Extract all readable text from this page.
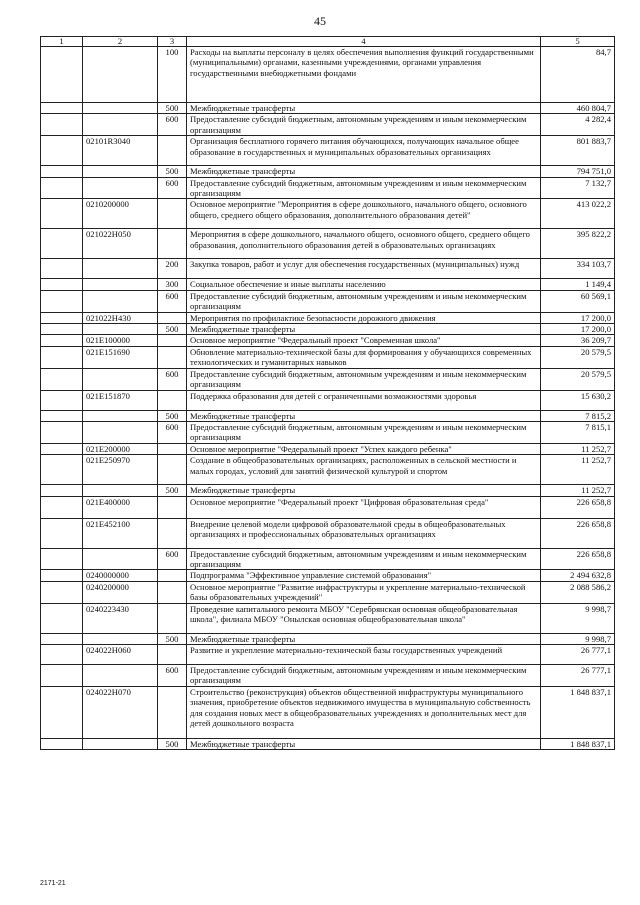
45
1	2	3	4	5
		100	Расходы на выплаты персоналу в целях обеспечения выполнения функций государственными (муниципальными) органами, казенными учреждениями, органами управления государственными внебюджетными фондами	84,7
		500	Межбюджетные трансферты	460 804,7
		600	Предоставление субсидий бюджетным, автономным учреждениям и иным некоммерческим организациям	4 282,4
	02101R3040		Организация бесплатного горячего питания обучающихся, получающих начальное общее образование в государственных и муниципальных образовательных организациях	801 883,7
		500	Межбюджетные трансферты	794 751,0
		600	Предоставление субсидий бюджетным, автономным учреждениям и иным некоммерческим организациям	7 132,7
	0210200000		Основное мероприятие "Мероприятия в сфере дошкольного, начального общего, основного общего, среднего общего образования, дополнительного образования детей"	413 022,2
	021022Н050		Мероприятия в сфере дошкольного, начального общего, основного общего, среднего общего образования, дополнительного образования детей в образовательных организациях	395 822,2
		200	Закупка товаров, работ и услуг для обеспечения государственных (муниципальных) нужд	334 103,7
		300	Социальное обеспечение и иные выплаты населению	1 149,4
		600	Предоставление субсидий бюджетным, автономным учреждениям и иным некоммерческим организациям	60 569,1
	021022Н430		Мероприятия по профилактике безопасности дорожного движения	17 200,0
		500	Межбюджетные трансферты	17 200,0
	021Е100000		Основное мероприятие "Федеральный проект "Современная школа"	36 209,7
	021Е151690		Обновление материально-технической базы для формирования у обучающихся современных технологических и гуманитарных навыков	20 579,5
		600	Предоставление субсидий бюджетным, автономным учреждениям и иным некоммерческим организациям	20 579,5
	021Е151870		Поддержка образования для детей с ограниченными возможностями здоровья	15 630,2
		500	Межбюджетные трансферты	7 815,2
		600	Предоставление субсидий бюджетным, автономным учреждениям и иным некоммерческим организациям	7 815,1
	021Е200000		Основное мероприятие "Федеральный проект "Успех каждого ребенка"	11 252,7
	021Е250970		Создание в общеобразовательных организациях, расположенных в сельской местности и малых городах, условий для занятий физической культурой и спортом	11 252,7
		500	Межбюджетные трансферты	11 252,7
	021Е400000		Основное мероприятие "Федеральный проект "Цифровая образовательная среда"	226 658,8
	021Е452100		Внедрение целевой модели цифровой образовательной среды в общеобразовательных организациях и профессиональных образовательных организациях	226 658,8
		600	Предоставление субсидий бюджетным, автономным учреждениям и иным некоммерческим организациям	226 658,8
	0240000000		Подпрограмма "Эффективное управление системой образования"	2 494 632,8
	0240200000		Основное мероприятие "Развитие инфраструктуры и укрепление материально-технической базы образовательных учреждений"	2 088 586,2
	0240223430		Проведение капитального ремонта МБОУ "Серебрянская основная общеобразовательная школа", филиала МБОУ "Онылская основная общеобразовательная школа"	9 998,7
		500	Межбюджетные трансферты	9 998,7
	024022Н060		Развитие и укрепление материально-технической базы государственных учреждений	26 777,1
		600	Предоставление субсидий бюджетным, автономным учреждениям и иным некоммерческим организациям	26 777,1
	024022Н070		Строительство (реконструкция) объектов общественной инфраструктуры муниципального значения, приобретение объектов недвижимого имущества в муниципальную собственность для создания новых мест в общеобразовательных учреждениях и дополнительных мест для детей дошкольного возраста	1 848 837,1
		500	Межбюджетные трансферты	1 848 837,1
2171-21
